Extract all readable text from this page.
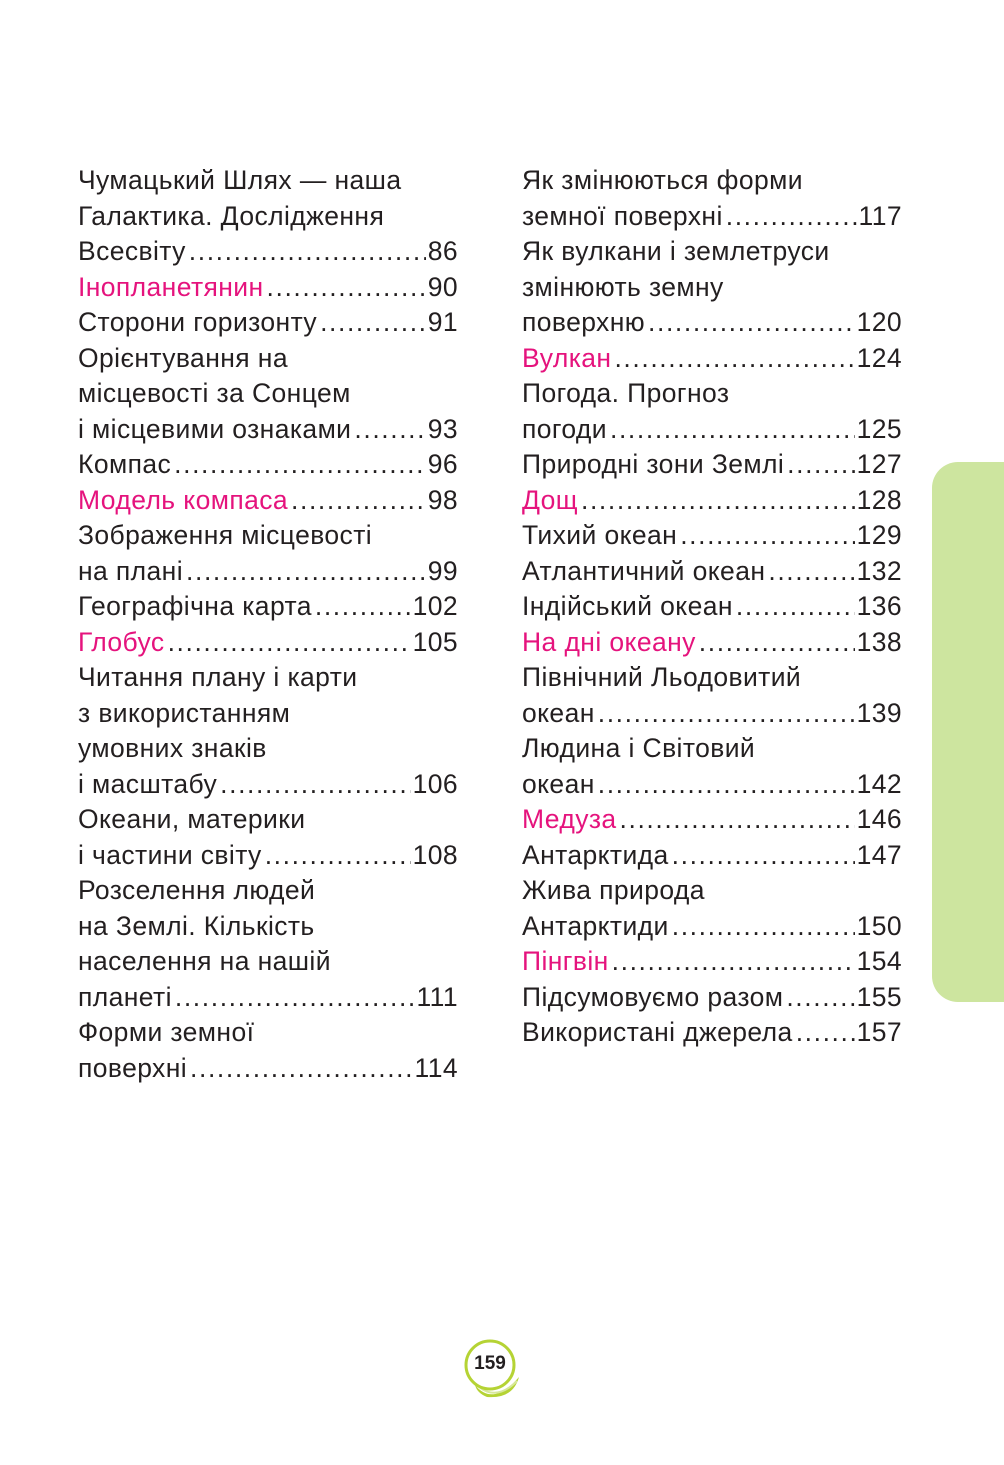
Чумацький Шлях — наша
Галактика. Дослідження
Всесвіту .....	86
Інопланетянин .....	90
Сторони горизонту .....	91
Орієнтування на
місцевості за Сонцем
і місцевими ознаками .....	93
Компас .....	96
Модель компаса .....	98
Зображення місцевості
на плані .....	99
Географічна карта .....	102
Глобус .....	105
Читання плану і карти
з використанням
умовних знаків
і масштабу .....	106
Океани, материки
і частини світу .....	108
Розселення людей
на Землі. Кількість
населення на нашій
планеті .....	111
Форми земної
поверхні .....	114
Як змінюються форми
земної поверхні .....	117
Як вулкани і землетруси
змінюють земну
поверхню .....	120
Вулкан .....	124
Погода. Прогноз
погоди .....	125
Природні зони Землі .....	127
Дощ .....	128
Тихий океан .....	129
Атлантичний океан .....	132
Індійський океан .....	136
На дні океану .....	138
Північний Льодовитий
океан .....	139
Людина і Світовий
океан .....	142
Медуза .....	146
Антарктида .....	147
Жива природа
Антарктиди .....	150
Пінгвін .....	154
Підсумовуємо разом .....	155
Використані джерела ..... 157
159
